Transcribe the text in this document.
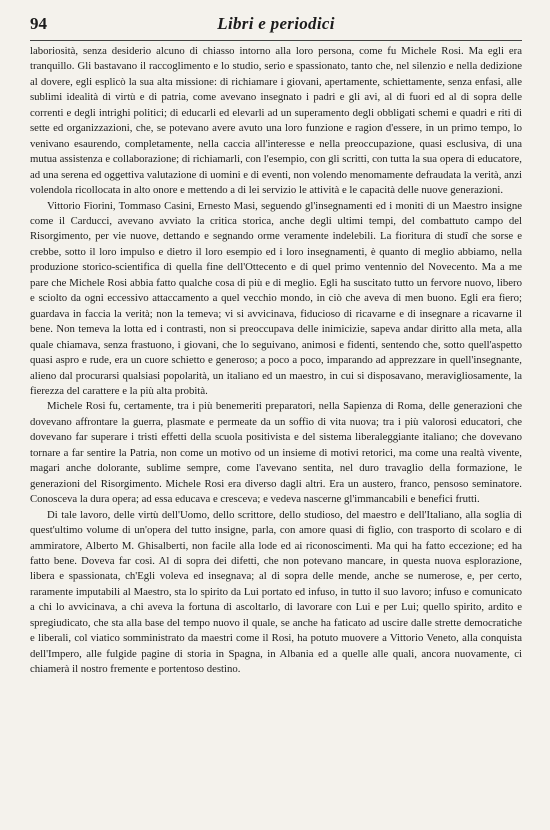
94	Libri e periodici

laboriosità, senza desiderio alcuno di chiasso intorno alla loro persona, come fu Michele Rosi. Ma egli era tranquillo. Gli bastavano il raccoglimento e lo studio, serio e spassionato, tanto che, nel silenzio e nella dedizione al dovere, egli esplicò la sua alta missione: di richiamare i giovani, apertamente, schiettamente, senza enfasi, alle sublimi idealità di virtù e di patria, come avevano insegnato i padri e gli avi, al di fuori ed al di sopra delle correnti e degli intrighi politici; di educarli ed elevarli ad un superamento degli obbligati schemi e quadri e riti di sette ed organizzazioni, che, se potevano avere avuto una loro funzione e ragion d'essere, in un primo tempo, lo venivano esaurendo, completamente, nella caccia all'interesse e nella preoccupazione, quasi esclusiva, di una mutua assistenza e collaborazione; di richiamarli, con l'esempio, con gli scritti, con tutta la sua opera di educatore, ad una serena ed oggettiva valutazione di uomini e di eventi, non volendo menomamente defraudata la verità, anzi volendola ricollocata in alto onore e mettendo a di lei servizio le attività e le capacità delle nuove generazioni.

Vittorio Fiorini, Tommaso Casini, Ernesto Masi, seguendo gl'insegnamenti ed i moniti di un Maestro insigne come il Carducci, avevano avviato la critica storica, anche degli ultimi tempi, del combattuto campo del Risorgimento, per vie nuove, dettando e segnando orme veramente indelebili. La fioritura di studî che sorse e crebbe, sotto il loro impulso e dietro il loro esempio ed i loro insegnamenti, è quanto di meglio abbiamo, nella produzione storico-scientifica di quella fine dell'Ottecento e di quel primo ventennio del Novecento. Ma a me pare che Michele Rosi abbia fatto qualche cosa di più e di meglio. Egli ha suscitato tutto un fervore nuovo, libero e sciolto da ogni eccessivo attaccamento a quel vecchio mondo, in ciò che aveva di men buono. Egli era fiero; guardava in faccia la verità; non la temeva; vi si avvicinava, fiducioso di ricavarne e di insegnare a ricavarne il bene. Non temeva la lotta ed i contrasti, non si preoccupava delle inimicizie, sapeva andar diritto alla meta, alla quale chiamava, senza frastuono, i giovani, che lo seguivano, animosi e fidenti, sentendo che, sotto quell'aspetto quasi aspro e rude, era un cuore schietto e generoso; a poco a poco, imparando ad apprezzare in quell'insegnante, alieno dal procurarsi qualsiasi popolarità, un italiano ed un maestro, in cui si disposavano, meravigliosamente, la fierezza del carattere e la più alta probità.

Michele Rosi fu, certamente, tra i più benemeriti preparatori, nella Sapienza di Roma, delle generazioni che dovevano affrontare la guerra, plasmate e permeate da un soffio di vita nuova; tra i più valorosi educatori, che dovevano far superare i tristi effetti della scuola positivista e del sistema liberaleggiante italiano; che dovevano tornare a far sentire la Patria, non come un motivo od un insieme di motivi retorici, ma come una realtà vivente, magari anche dolorante, sublime sempre, come l'avevano sentita, nel duro travaglio della formazione, le generazioni del Risorgimento. Michele Rosi era diverso dagli altri. Era un austero, franco, pensoso seminatore. Conosceva la dura opera; ad essa educava e cresceva; e vedeva nascerne gl'immancabili e benefici frutti.

Di tale lavoro, delle virtù dell'Uomo, dello scrittore, dello studioso, del maestro e dell'Italiano, alla soglia di quest'ultimo volume di un'opera del tutto insigne, parla, con amore quasi di figlio, con trasporto di scolaro e di ammiratore, Alberto M. Ghisalberti, non facile alla lode ed ai riconoscimenti. Ma qui ha fatto eccezione; ed ha fatto bene. Doveva far così. Al di sopra dei difetti, che non potevano mancare, in questa nuova esplorazione, libera e spassionata, ch'Egli voleva ed insegnava; al di sopra delle mende, anche se numerose, e, per certo, raramente imputabili al Maestro, sta lo spirito da Lui portato ed infuso, in tutto il suo lavoro; infuso e comunicato a chi lo avvicinava, a chi aveva la fortuna di ascoltarlo, di lavorare con Lui e per Lui; quello spirito, ardito e spregiudicato, che sta alla base del tempo nuovo il quale, se anche ha faticato ad uscire dalle strette democratiche e liberali, col viatico somministrato da maestri come il Rosi, ha potuto muovere a Vittorio Veneto, alla conquista dell'Impero, alle fulgide pagine di storia in Spagna, in Albania ed a quelle alle quali, ancora nuovamente, ci chiamerà il nostro fremente e portentoso destino.
